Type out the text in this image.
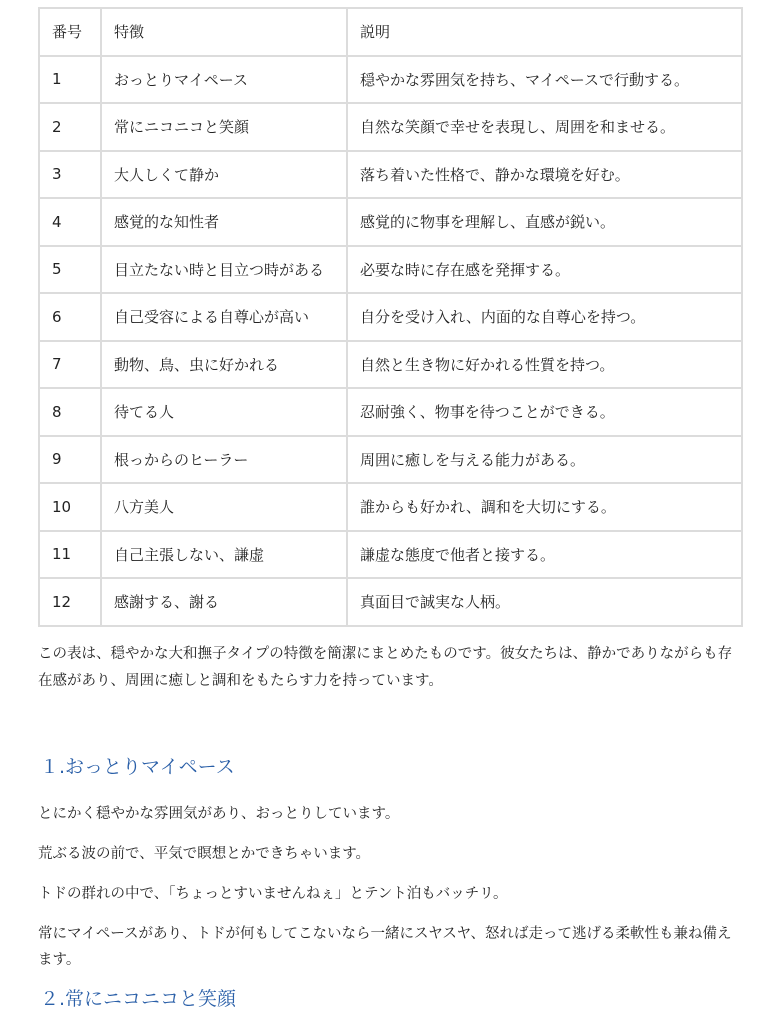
番号	特徴	説明
1	おっとりマイペース	穏やかな雰囲気を持ち、マイペースで行動する。
2	常にニコニコと笑顔	自然な笑顔で幸せを表現し、周囲を和ませる。
3	大人しくて静か	落ち着いた性格で、静かな環境を好む。
4	感覚的な知性者	感覚的に物事を理解し、直感が鋭い。
5	目立たない時と目立つ時がある	必要な時に存在感を発揮する。
6	自己受容による自尊心が高い	自分を受け入れ、内面的な自尊心を持つ。
7	動物、鳥、虫に好かれる	自然と生き物に好かれる性質を持つ。
8	待てる人	忍耐強く、物事を待つことができる。
9	根っからのヒーラー	周囲に癒しを与える能力がある。
10	八方美人	誰からも好かれ、調和を大切にする。
11	自己主張しない、謙虚	謙虚な態度で他者と接する。
12	感謝する、謝る	真面目で誠実な人柄。

この表は、穏やかな大和撫子タイプの特徴を簡潔にまとめたものです。彼女たちは、静かでありながらも存在感があり、周囲に癒しと調和をもたらす力を持っています。

１.おっとりマイペース

とにかく穏やかな雰囲気があり、おっとりしています。

荒ぶる波の前で、平気で瞑想とかできちゃいます。

トドの群れの中で、「ちょっとすいませんねぇ」とテント泊もバッチリ。

常にマイペースがあり、トドが何もしてこないなら一緒にスヤスヤ、怒れば走って逃げる柔軟性も兼ね備えます。

２.常にニコニコと笑顔
